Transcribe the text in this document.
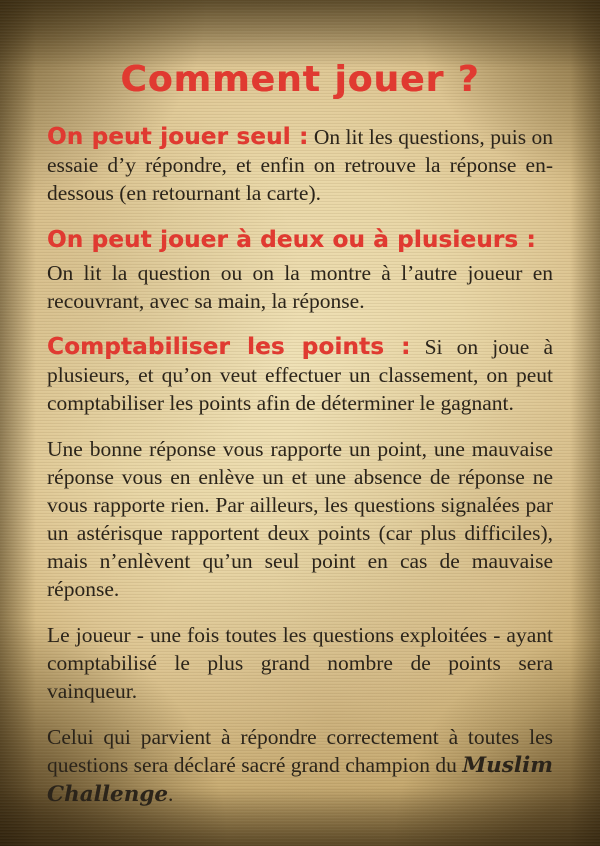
Comment jouer ?

On peut jouer seul : On lit les questions, puis on essaie d’y répondre, et enfin on retrouve la réponse en-dessous (en retournant la carte).

On peut jouer à deux ou à plusieurs :
On lit la question ou on la montre à l’autre joueur en recouvrant, avec sa main, la réponse.

Comptabiliser les points : Si on joue à plusieurs, et qu’on veut effectuer un classement, on peut comptabiliser les points afin de déterminer le gagnant.

Une bonne réponse vous rapporte un point, une mauvaise réponse vous en enlève un et une absence de réponse ne vous rapporte rien. Par ailleurs, les questions signalées par un astérisque rapportent deux points (car plus difficiles), mais n’enlèvent qu’un seul point en cas de mauvaise réponse.

Le joueur - une fois toutes les questions exploitées - ayant comptabilisé le plus grand nombre de points sera vainqueur.

Celui qui parvient à répondre correctement à toutes les questions sera déclaré sacré grand champion du Muslim Challenge.
